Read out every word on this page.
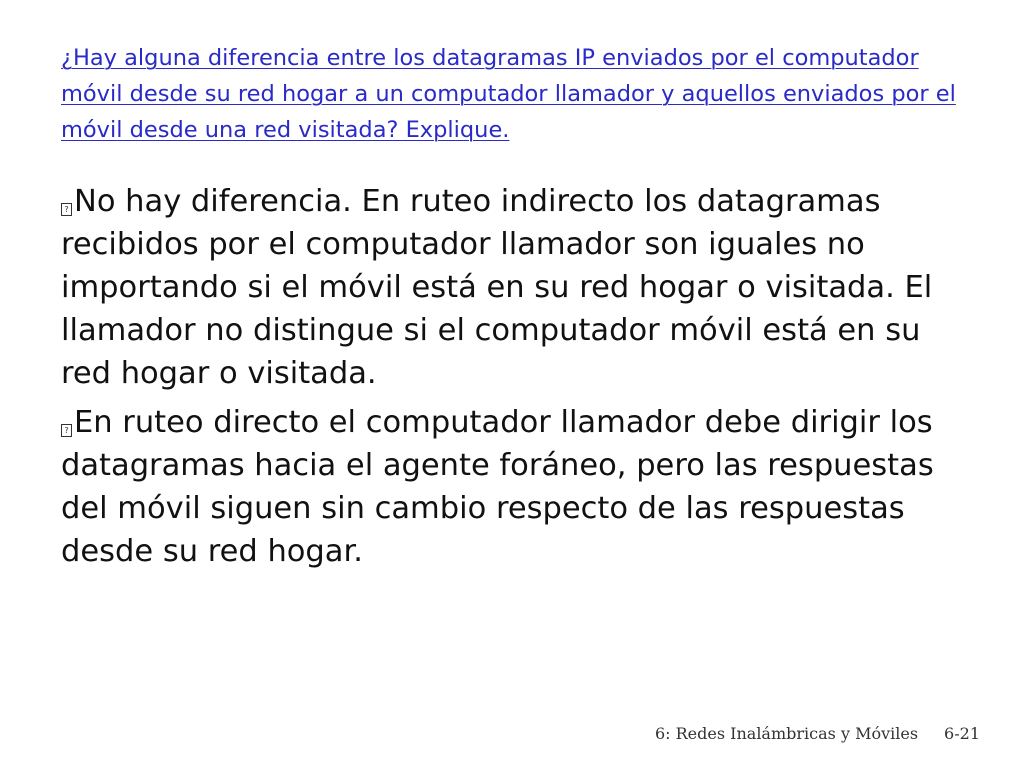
¿Hay alguna diferencia entre los datagramas IP enviados por el computador móvil desde su red hogar a un computador llamador y aquellos enviados por el móvil desde una red visitada? Explique.
? No hay diferencia. En ruteo indirecto los datagramas recibidos por el computador llamador son iguales no importando si el móvil está en su red hogar o visitada. El llamador no distingue si el computador móvil está en su red hogar o visitada.
? En ruteo directo el computador llamador debe dirigir los datagramas hacia el agente foráneo, pero las respuestas del móvil siguen sin cambio respecto de las respuestas desde su red hogar.
6: Redes Inalámbricas y Móviles 6-21
